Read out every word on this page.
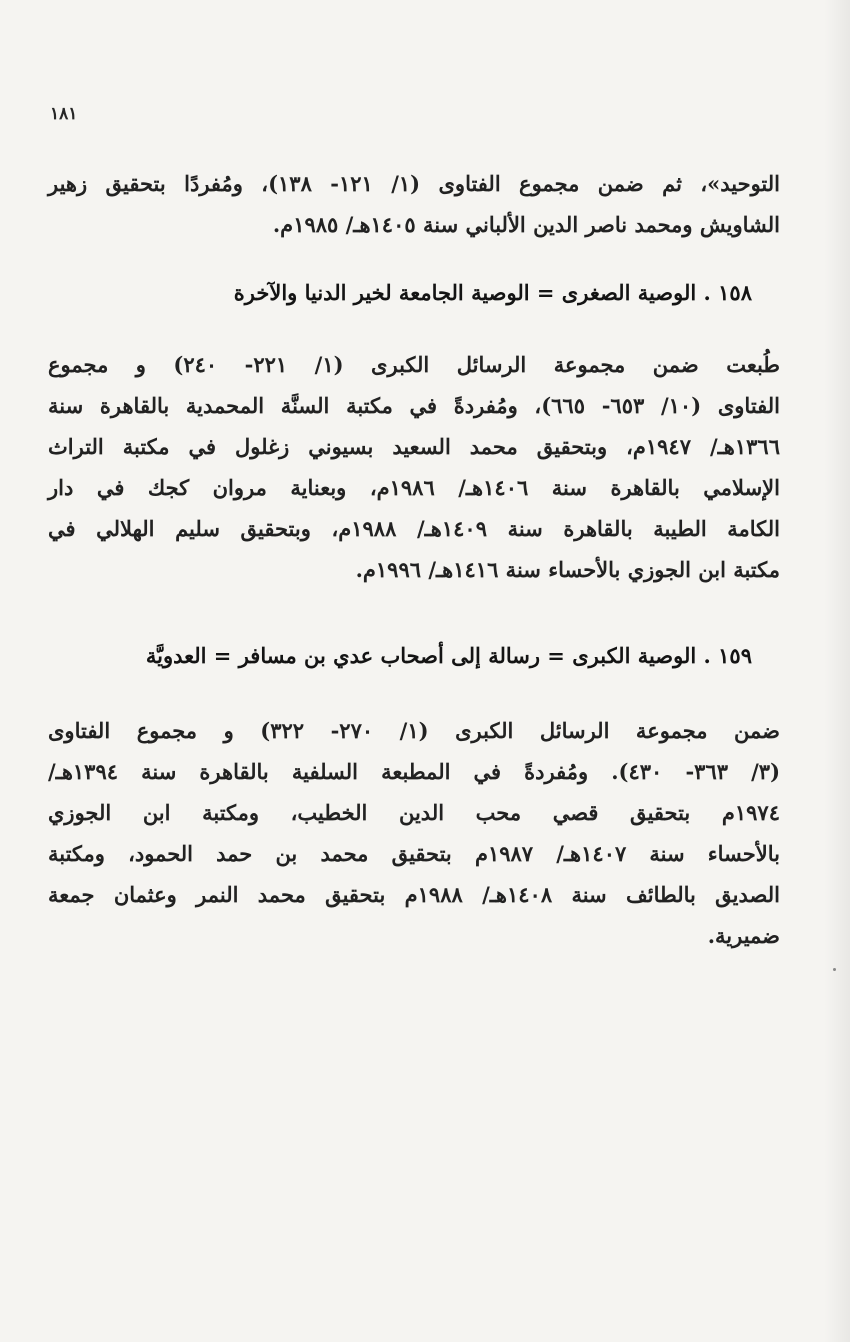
١٨١
التوحيد»، ثم ضمن مجموع الفتاوى (١/ ١٢١- ١٣٨)، ومُفردًا بتحقيق زهير
الشاويش ومحمد ناصر الدين الألباني سنة ١٤٠٥هـ/ ١٩٨٥م.
١٥٨ . الوصية الصغرى = الوصية الجامعة لخير الدنيا والآخرة
طُبعت ضمن مجموعة الرسائل الكبرى (١/ ٢٢١- ٢٤٠) و مجموع
الفتاوى (١٠/ ٦٥٣- ٦٦٥)، ومُفردةً في مكتبة السنَّة المحمدية بالقاهرة سنة
١٣٦٦هـ/ ١٩٤٧م، وبتحقيق محمد السعيد بسيوني زغلول في مكتبة التراث
الإسلامي بالقاهرة سنة ١٤٠٦هـ/ ١٩٨٦م، وبعناية مروان كجك في دار
الكامة الطيبة بالقاهرة سنة ١٤٠٩هـ/ ١٩٨٨م، وبتحقيق سليم الهلالي في
مكتبة ابن الجوزي بالأحساء سنة ١٤١٦هـ/ ١٩٩٦م.
١٥٩ . الوصية الكبرى = رسالة إلى أصحاب عدي بن مسافر = العدويَّة
ضمن مجموعة الرسائل الكبرى (١/ ٢٧٠- ٣٢٢) و مجموع الفتاوى
(٣/ ٣٦٣- ٤٣٠). ومُفردةً في المطبعة السلفية بالقاهرة سنة ١٣٩٤هـ/
١٩٧٤م بتحقيق قصي محب الدين الخطيب، ومكتبة ابن الجوزي
بالأحساء سنة ١٤٠٧هـ/ ١٩٨٧م بتحقيق محمد بن حمد الحمود، ومكتبة
الصديق بالطائف سنة ١٤٠٨هـ/ ١٩٨٨م بتحقيق محمد النمر وعثمان جمعة
ضميرية.
